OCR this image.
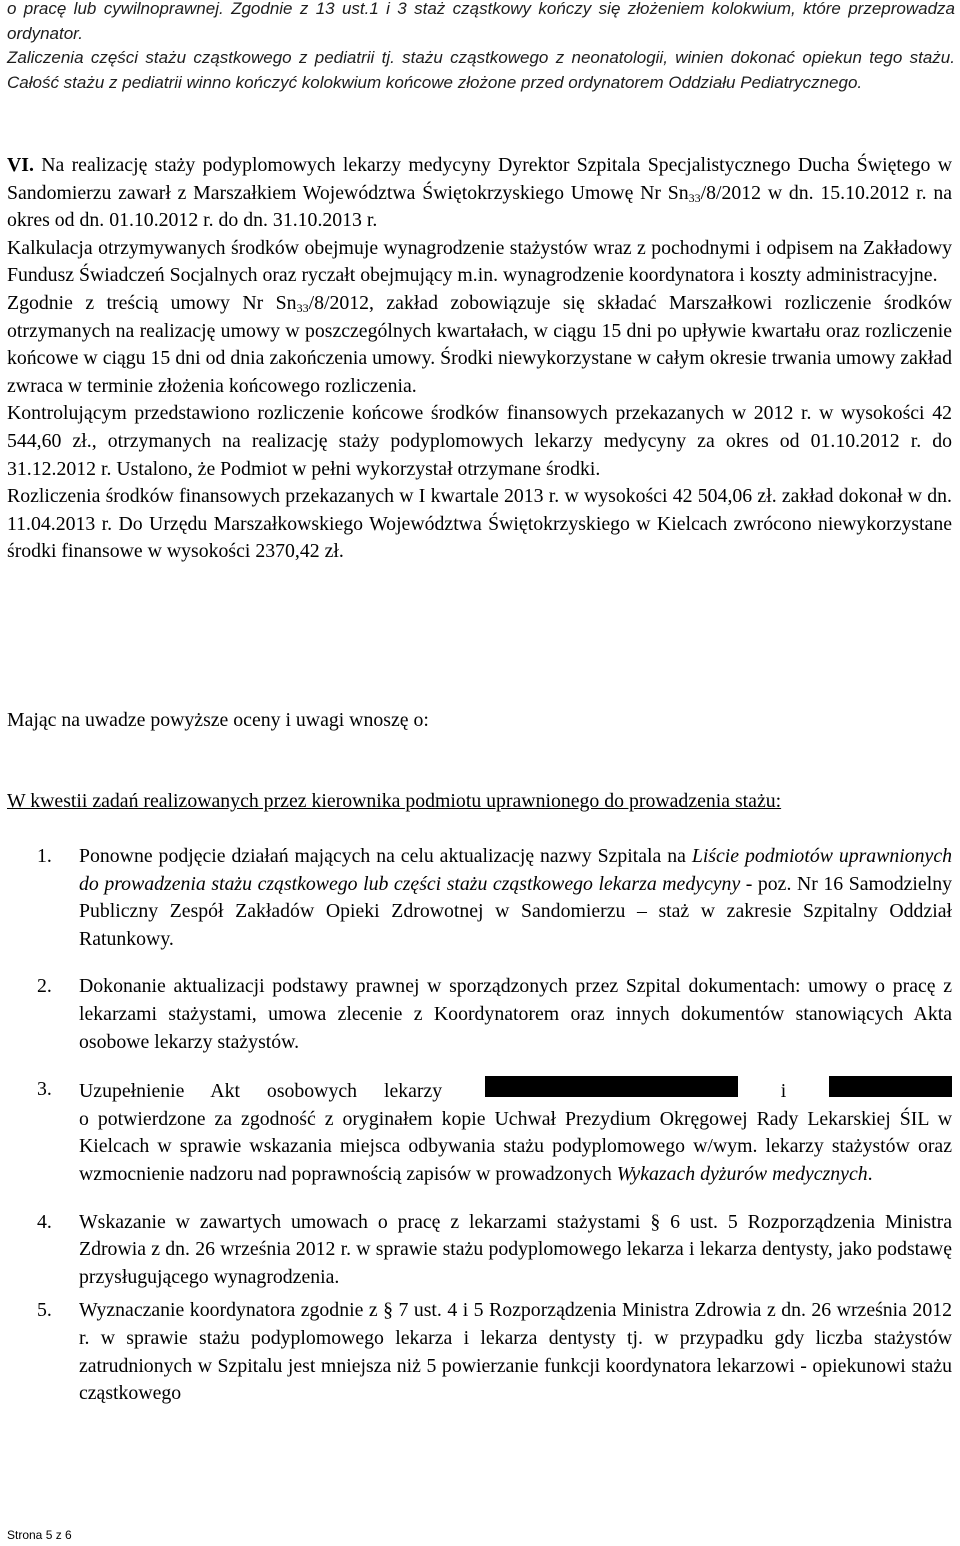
o pracę lub cywilnoprawnej. Zgodnie z 13 ust.1 i 3 staż cząstkowy kończy się złożeniem kolokwium, które przeprowadza ordynator.

Zaliczenia części stażu cząstkowego z pediatrii tj. stażu cząstkowego z neonatologii, winien dokonać opiekun tego stażu. Całość stażu z pediatrii winno kończyć kolokwium końcowe złożone przed ordynatorem Oddziału Pediatrycznego.

VI. Na realizację staży podyplomowych lekarzy medycyny Dyrektor Szpitala Specjalistycznego Ducha Świętego w Sandomierzu zawarł z Marszałkiem Województwa Świętokrzyskiego Umowę Nr $Sn_{33}/8/2012$ w dn. 15.10.2012 r. na okres od dn. 01.10.2012 r. do dn. 31.10.2013 r.

Kalkulacja otrzymywanych środków obejmuje wynagrodzenie stażystów wraz z pochodnymi i odpisem na Zakładowy Fundusz Świadczeń Socjalnych oraz ryczałt obejmujący m.in. wynagrodzenie koordynatora i koszty administracyjne.

Zgodnie z treścią umowy Nr $Sn_{33}/8/2012$, zakład zobowiązuje się składać Marszałkowi rozliczenie środków otrzymanych na realizację umowy w poszczególnych kwartałach, w ciągu 15 dni po upływie kwartału oraz rozliczenie końcowe w ciągu 15 dni od dnia zakończenia umowy. Środki niewykorzystane w całym okresie trwania umowy zakład zwraca w terminie złożenia końcowego rozliczenia.

Kontrolującym przedstawiono rozliczenie końcowe środków finansowych przekazanych w 2012 r. w wysokości 42 544,60 zł., otrzymanych na realizację staży podyplomowych lekarzy medycyny za okres od 01.10.2012 r. do 31.12.2012 r. Ustalono, że Podmiot w pełni wykorzystał otrzymane środki.

Rozliczenia środków finansowych przekazanych w I kwartale 2013 r. w wysokości 42 504,06 zł. zakład dokonał w dn. 11.04.2013 r. Do Urzędu Marszałkowskiego Województwa Świętokrzyskiego w Kielcach zwrócono niewykorzystane środki finansowe w wysokości 2370,42 zł.

Mając na uwadze powyższe oceny i uwagi wnoszę o:

W kwestii zadań realizowanych przez kierownika podmiotu uprawnionego do prowadzenia stażu:

1. Ponowne podjęcie działań mających na celu aktualizację nazwy Szpitala na Liście podmiotów uprawnionych do prowadzenia stażu cząstkowego lub części stażu cząstkowego lekarza medycyny - poz. Nr 16 Samodzielny Publiczny Zespół Zakładów Opieki Zdrowotnej w Sandomierzu – staż w zakresie Szpitalny Oddział Ratunkowy.
2. Dokonanie aktualizacji podstawy prawnej w sporządzonych przez Szpital dokumentach: umowy o pracę z lekarzami stażystami, umowa zlecenie z Koordynatorem oraz innych dokumentów stanowiących Akta osobowe lekarzy stażystów.
3. Uzupełnienie Akt osobowych lekarzy	i
o potwierdzone za zgodność z oryginałem kopie Uchwał Prezydium Okręgowej Rady Lekarskiej ŚIL w Kielcach w sprawie wskazania miejsca odbywania stażu podyplomowego w/wym. lekarzy stażystów oraz wzmocnienie nadzoru nad poprawnością zapisów w prowadzonych Wykazach dyżurów medycznych.
4. Wskazanie w zawartych umowach o pracę z lekarzami stażystami § 6 ust. 5 Rozporządzenia Ministra Zdrowia z dn. 26 września 2012 r. w sprawie stażu podyplomowego lekarza i lekarza dentysty, jako podstawę przysługującego wynagrodzenia.
5. Wyznaczanie koordynatora zgodnie z § 7 ust. 4 i 5 Rozporządzenia Ministra Zdrowia z dn. 26 września 2012 r. w sprawie stażu podyplomowego lekarza i lekarza dentysty tj. w przypadku gdy liczba stażystów zatrudnionych w Szpitalu jest mniejsza niż 5 powierzanie funkcji koordynatora lekarzowi - opiekunowi stażu cząstkowego
Strona 5 z 6
